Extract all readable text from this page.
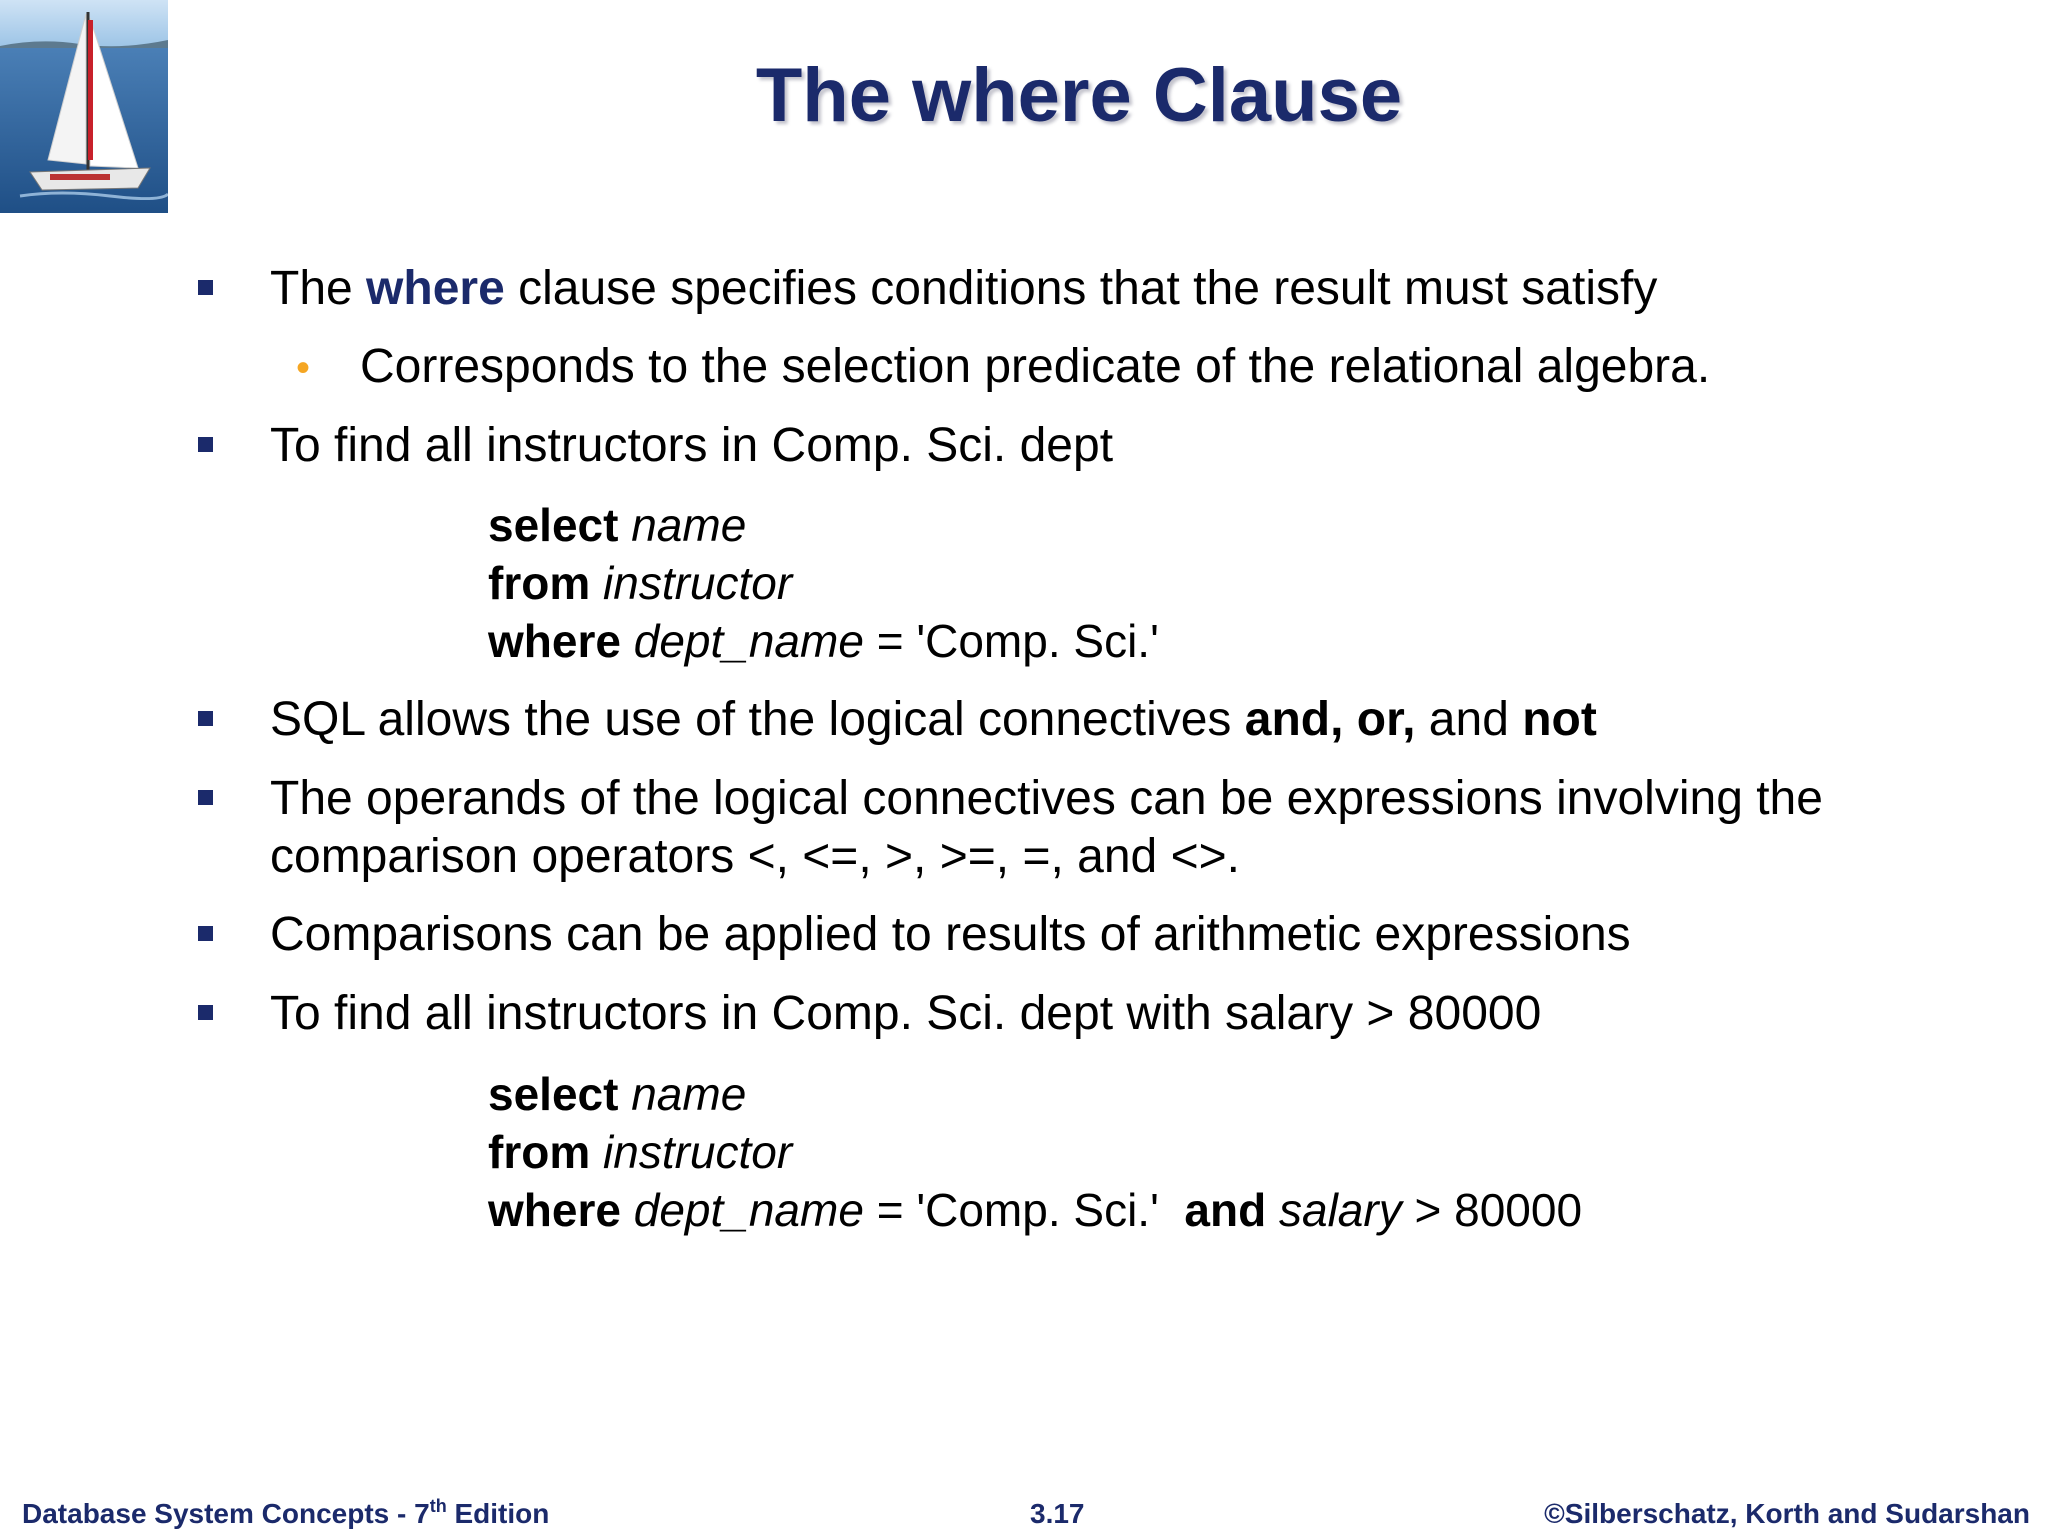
The where Clause
The where clause specifies conditions that the result must satisfy
• Corresponds to the selection predicate of the relational algebra.
To find all instructors in Comp. Sci. dept
select name
from instructor
where dept_name = 'Comp. Sci.'
SQL allows the use of the logical connectives and, or, and not
The operands of the logical connectives can be expressions involving the
comparison operators <, <=, >, >=, =, and <>.
Comparisons can be applied to results of arithmetic expressions
To find all instructors in Comp. Sci. dept with salary > 80000
select name
from instructor
where dept_name = 'Comp. Sci.'  and salary > 80000
Database System Concepts - 7th Edition	3.17	©Silberschatz, Korth and Sudarshan
